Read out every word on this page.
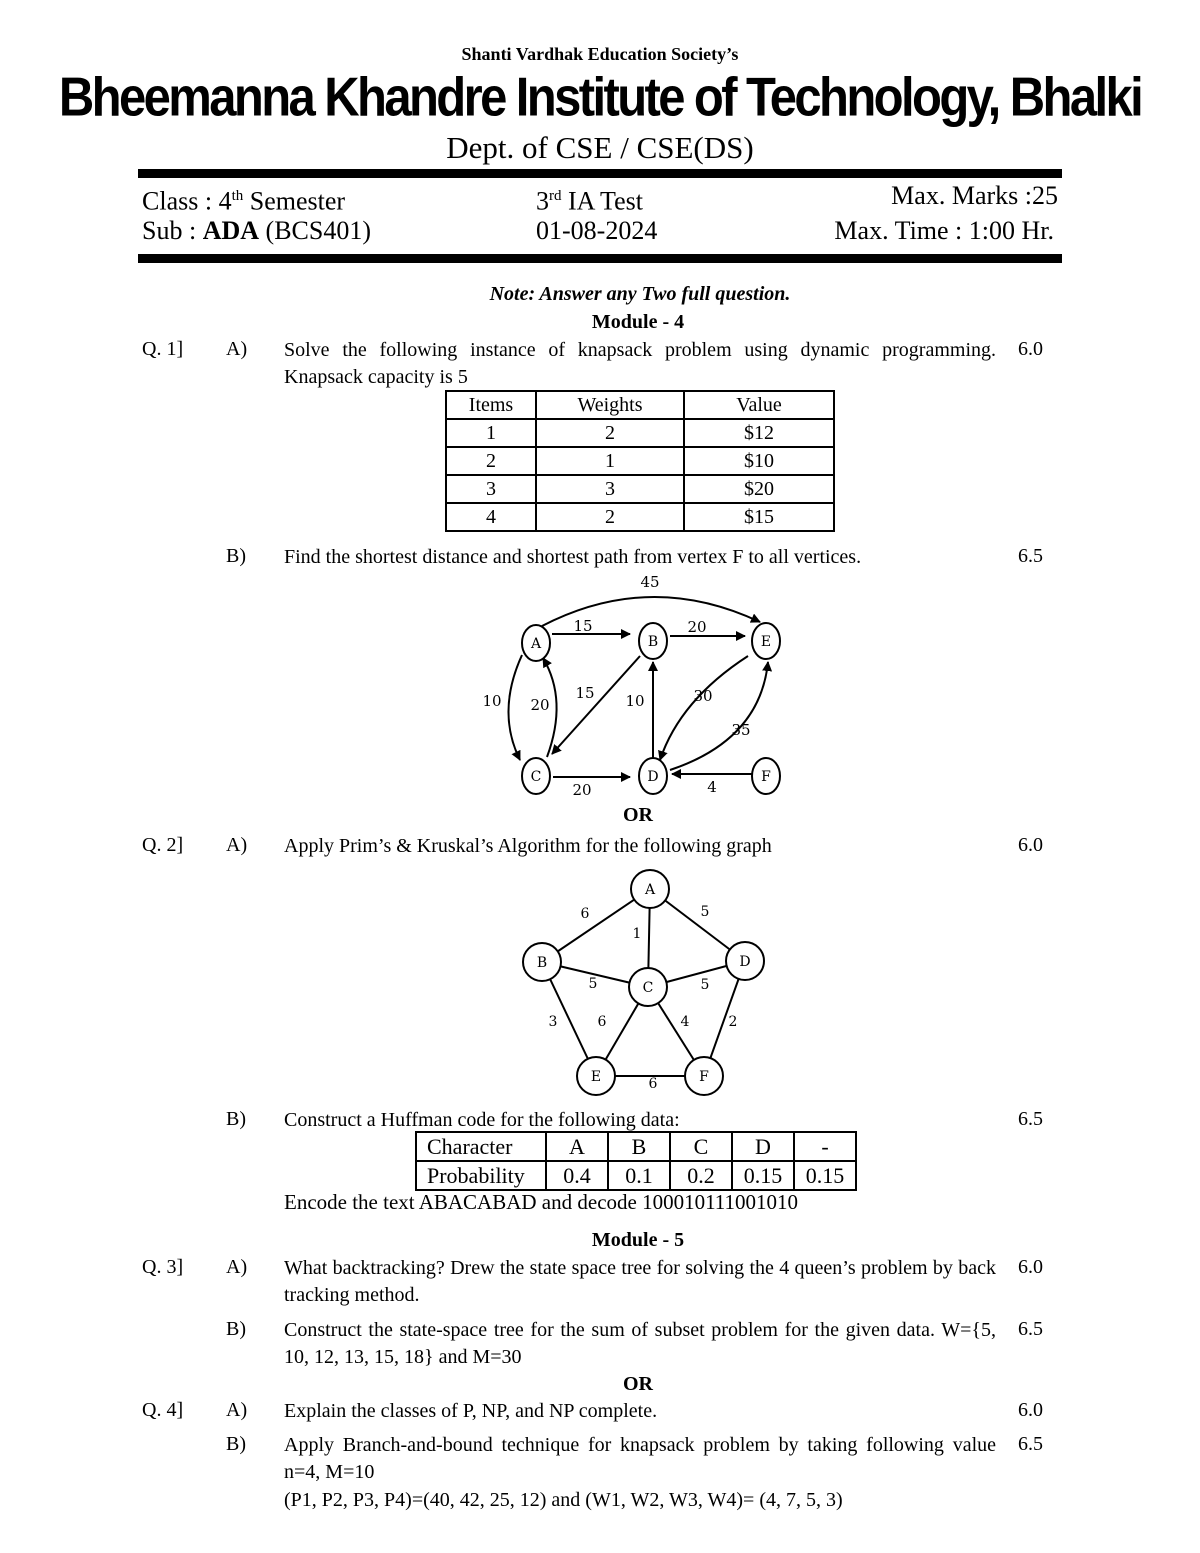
Shanti Vardhak Education Society’s
Bheemanna Khandre Institute of Technology, Bhalki
Dept. of CSE / CSE(DS)
Class : 4th Semester	3rd IA Test	Max. Marks :25
Sub : ADA (BCS401)	01-08-2024	Max. Time : 1:00 Hr.
Note: Answer any Two full question.
Module - 4
Q. 1] A) Solve the following instance of knapsack problem using dynamic programming. Knapsack capacity is 5
6.0
Items	Weights	Value
1	2	$12
2	1	$10
3	3	$20
4	2	$15
B) Find the shortest distance and shortest path from vertex F to all vertices.	6.5
A	B	E
C	D	F
45
15	20
10 20
15 10	30
35
20	4
OR
Q. 2] A) Apply Prim’s & Kruskal’s Algorithm for the following graph	6.0
A
B
C
D
E	F
6
1
5
5	5
3	6	4	2
6
B) Construct a Huffman code for the following data:	6.5
Character	A	B	C	D	-
Probability	0.4	0.1	0.2	0.15	0.15
Encode the text ABACABAD and decode 100010111001010
Module - 5
Q. 3] A) What backtracking? Drew the state space tree for solving the 4 queen’s problem by back tracking method.
6.0
B) Construct the state-space tree for the sum of subset problem for the given data. W={5, 10, 12, 13, 15, 18} and M=30
6.5
OR
Q. 4] A) Explain the classes of P, NP, and NP complete.	6.0
B) Apply Branch-and-bound technique for knapsack problem by taking following value n=4, M=10
6.5
(P1, P2, P3, P4)=(40, 42, 25, 12) and (W1, W2, W3, W4)= (4, 7, 5, 3)
